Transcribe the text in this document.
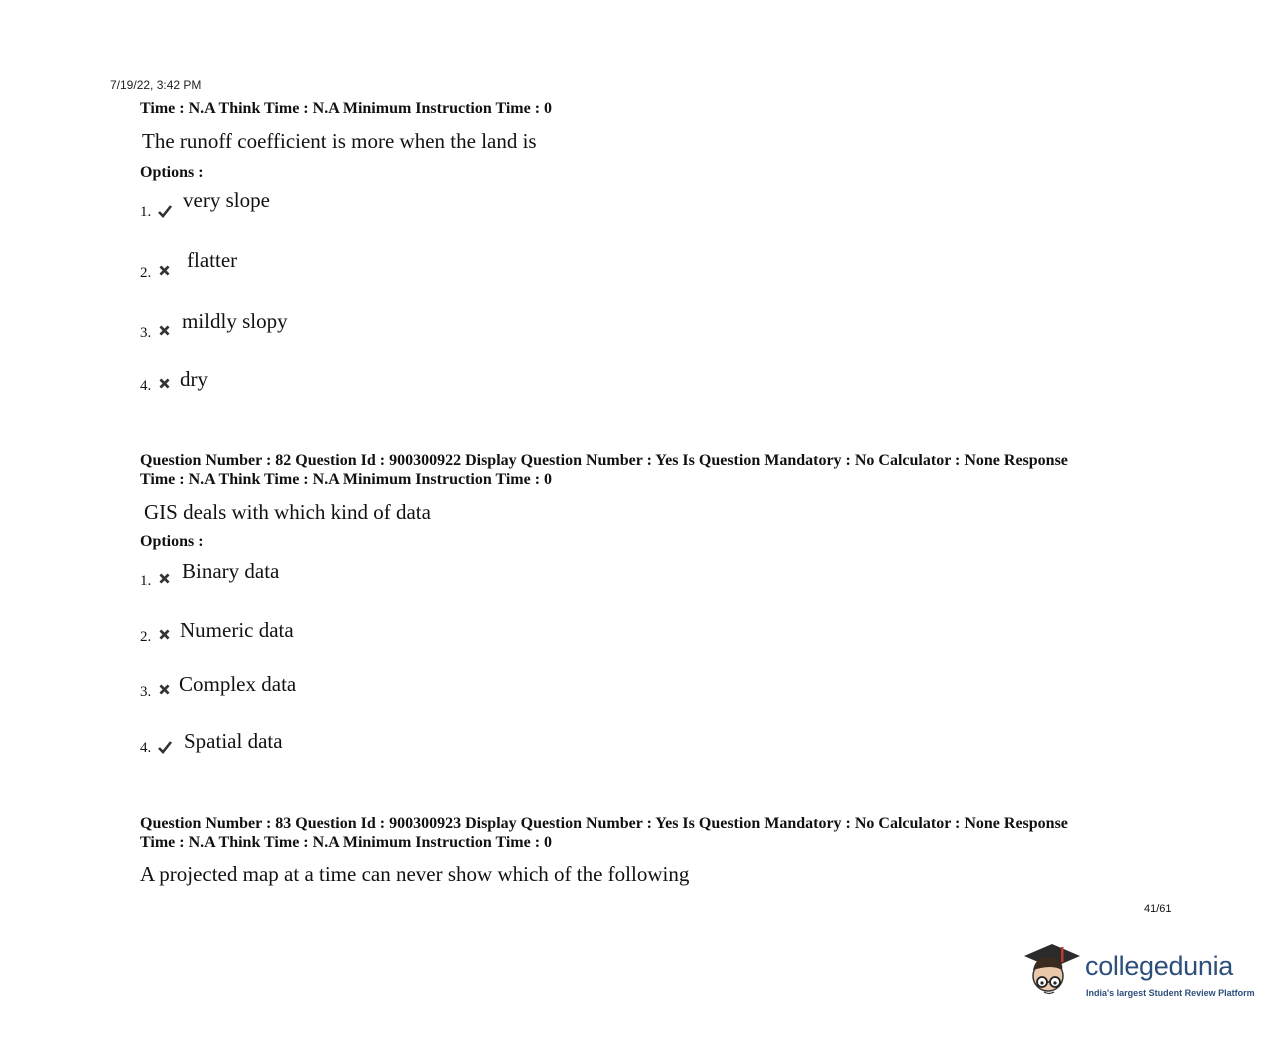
7/19/22, 3:42 PM
Time : N.A Think Time : N.A Minimum Instruction Time : 0
The runoff coefficient is more when the land is
Options :
1. very slope
2.
flatter
3. mildly slopy
4. dry
Question Number : 82 Question Id : 900300922 Display Question Number : Yes Is Question Mandatory : No Calculator : None Response
Time : N.A Think Time : N.A Minimum Instruction Time : 0
GIS deals with which kind of data
Options :
1. Binary data
2. Numeric data
3. Complex data
4. Spatial data
Question Number : 83 Question Id : 900300923 Display Question Number : Yes Is Question Mandatory : No Calculator : None Response
Time : N.A Think Time : N.A Minimum Instruction Time : 0
A projected map at a time can never show which of the following
41/61
collegedunia
India's largest Student Review Platform
